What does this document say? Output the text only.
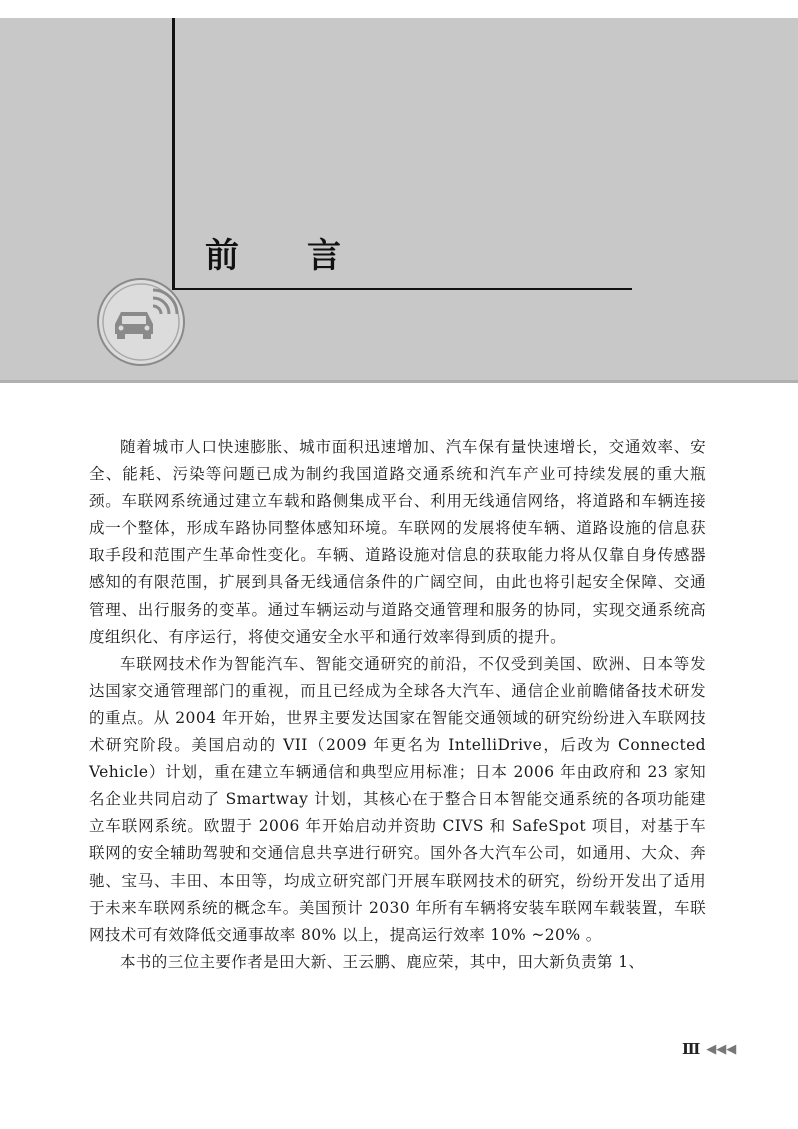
前言

随着城市人口快速膨胀、城市面积迅速增加、汽车保有量快速增长，交通效率、安全、能耗、污染等问题已成为制约我国道路交通系统和汽车产业可持续发展的重大瓶颈。车联网系统通过建立车载和路侧集成平台、利用无线通信网络，将道路和车辆连接成一个整体，形成车路协同整体感知环境。车联网的发展将使车辆、道路设施的信息获取手段和范围产生革命性变化。车辆、道路设施对信息的获取能力将从仅靠自身传感器感知的有限范围，扩展到具备无线通信条件的广阔空间，由此也将引起安全保障、交通管理、出行服务的变革。通过车辆运动与道路交通管理和服务的协同，实现交通系统高度组织化、有序运行，将使交通安全水平和通行效率得到质的提升。

车联网技术作为智能汽车、智能交通研究的前沿，不仅受到美国、欧洲、日本等发达国家交通管理部门的重视，而且已经成为全球各大汽车、通信企业前瞻储备技术研发的重点。从 2004 年开始，世界主要发达国家在智能交通领域的研究纷纷进入车联网技术研究阶段。美国启动的 VII（2009 年更名为 IntelliDrive，后改为 Connected Vehicle）计划，重在建立车辆通信和典型应用标准；日本 2006 年由政府和 23 家知名企业共同启动了 Smartway 计划，其核心在于整合日本智能交通系统的各项功能建立车联网系统。欧盟于 2006 年开始启动并资助 CIVS 和 SafeSpot 项目，对基于车联网的安全辅助驾驶和交通信息共享进行研究。国外各大汽车公司，如通用、大众、奔驰、宝马、丰田、本田等，均成立研究部门开展车联网技术的研究，纷纷开发出了适用于未来车联网系统的概念车。美国预计 2030 年所有车辆将安装车联网车载装置，车联网技术可有效降低交通事故率 80% 以上，提高运行效率 10% ~20% 。

本书的三位主要作者是田大新、王云鹏、鹿应荣，其中，田大新负责第 1、

Ⅲ ◀◀◀
